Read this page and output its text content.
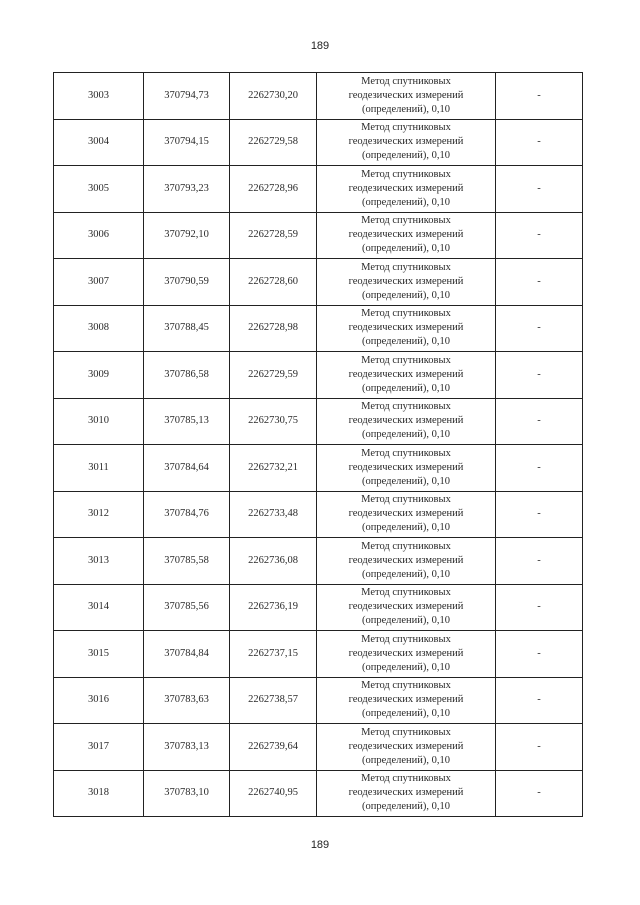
189
3003	370794,73	2262730,20	Метод спутниковых
геодезических измерений
(определений), 0,10	-
3004	370794,15	2262729,58	Метод спутниковых
геодезических измерений
(определений), 0,10	-
3005	370793,23	2262728,96	Метод спутниковых
геодезических измерений
(определений), 0,10	-
3006	370792,10	2262728,59	Метод спутниковых
геодезических измерений
(определений), 0,10	-
3007	370790,59	2262728,60	Метод спутниковых
геодезических измерений
(определений), 0,10	-
3008	370788,45	2262728,98	Метод спутниковых
геодезических измерений
(определений), 0,10	-
3009	370786,58	2262729,59	Метод спутниковых
геодезических измерений
(определений), 0,10	-
3010	370785,13	2262730,75	Метод спутниковых
геодезических измерений
(определений), 0,10	-
3011	370784,64	2262732,21	Метод спутниковых
геодезических измерений
(определений), 0,10	-
3012	370784,76	2262733,48	Метод спутниковых
геодезических измерений
(определений), 0,10	-
3013	370785,58	2262736,08	Метод спутниковых
геодезических измерений
(определений), 0,10	-
3014	370785,56	2262736,19	Метод спутниковых
геодезических измерений
(определений), 0,10	-
3015	370784,84	2262737,15	Метод спутниковых
геодезических измерений
(определений), 0,10	-
3016	370783,63	2262738,57	Метод спутниковых
геодезических измерений
(определений), 0,10	-
3017	370783,13	2262739,64	Метод спутниковых
геодезических измерений
(определений), 0,10	-
3018	370783,10	2262740,95	Метод спутниковых
геодезических измерений
(определений), 0,10	-
189
